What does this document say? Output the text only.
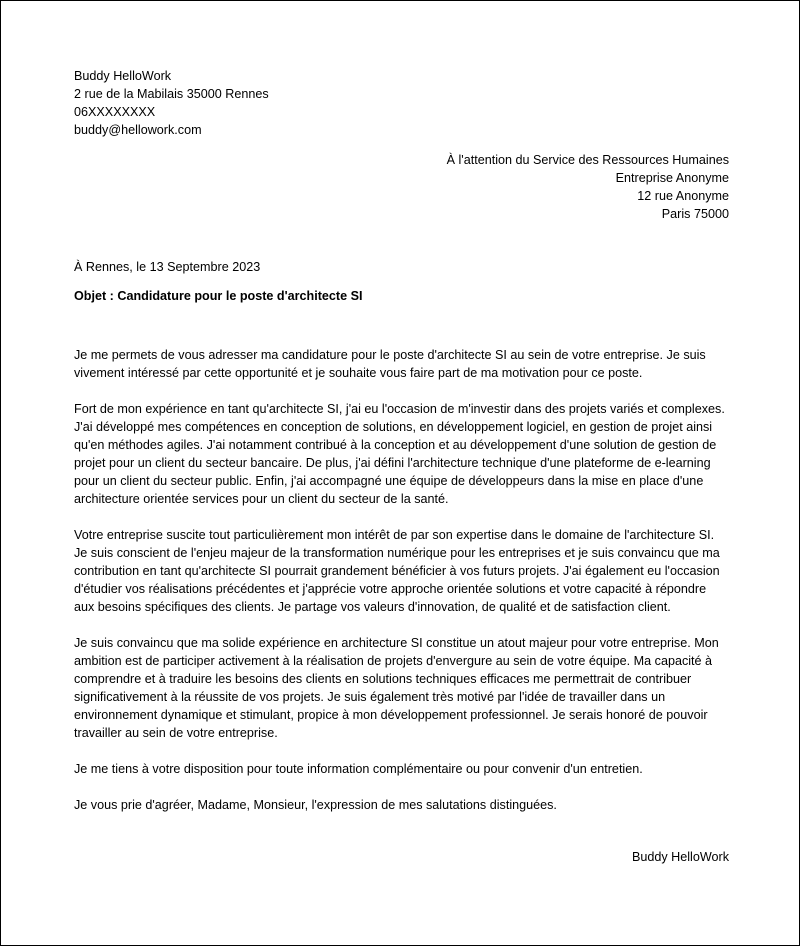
Buddy HelloWork
2 rue de la Mabilais 35000 Rennes
06XXXXXXXX
buddy@hellowork.com
À l'attention du Service des Ressources Humaines
Entreprise Anonyme
12 rue Anonyme
Paris 75000
À Rennes, le 13 Septembre 2023
Objet : Candidature pour le poste d'architecte SI

Je me permets de vous adresser ma candidature pour le poste d'architecte SI au sein de votre entreprise. Je suis vivement intéressé par cette opportunité et je souhaite vous faire part de ma motivation pour ce poste.

Fort de mon expérience en tant qu'architecte SI, j'ai eu l'occasion de m'investir dans des projets variés et complexes. J'ai développé mes compétences en conception de solutions, en développement logiciel, en gestion de projet ainsi qu'en méthodes agiles. J'ai notamment contribué à la conception et au développement d'une solution de gestion de projet pour un client du secteur bancaire. De plus, j'ai défini l'architecture technique d'une plateforme de e-learning pour un client du secteur public. Enfin, j'ai accompagné une équipe de développeurs dans la mise en place d'une architecture orientée services pour un client du secteur de la santé.

Votre entreprise suscite tout particulièrement mon intérêt de par son expertise dans le domaine de l'architecture SI. Je suis conscient de l'enjeu majeur de la transformation numérique pour les entreprises et je suis convaincu que ma contribution en tant qu'architecte SI pourrait grandement bénéficier à vos futurs projets. J'ai également eu l'occasion d'étudier vos réalisations précédentes et j'apprécie votre approche orientée solutions et votre capacité à répondre aux besoins spécifiques des clients. Je partage vos valeurs d'innovation, de qualité et de satisfaction client.

Je suis convaincu que ma solide expérience en architecture SI constitue un atout majeur pour votre entreprise. Mon ambition est de participer activement à la réalisation de projets d'envergure au sein de votre équipe. Ma capacité à comprendre et à traduire les besoins des clients en solutions techniques efficaces me permettrait de contribuer significativement à la réussite de vos projets. Je suis également très motivé par l'idée de travailler dans un environnement dynamique et stimulant, propice à mon développement professionnel. Je serais honoré de pouvoir travailler au sein de votre entreprise.

Je me tiens à votre disposition pour toute information complémentaire ou pour convenir d'un entretien.

Je vous prie d'agréer, Madame, Monsieur, l'expression de mes salutations distinguées.

Buddy HelloWork
